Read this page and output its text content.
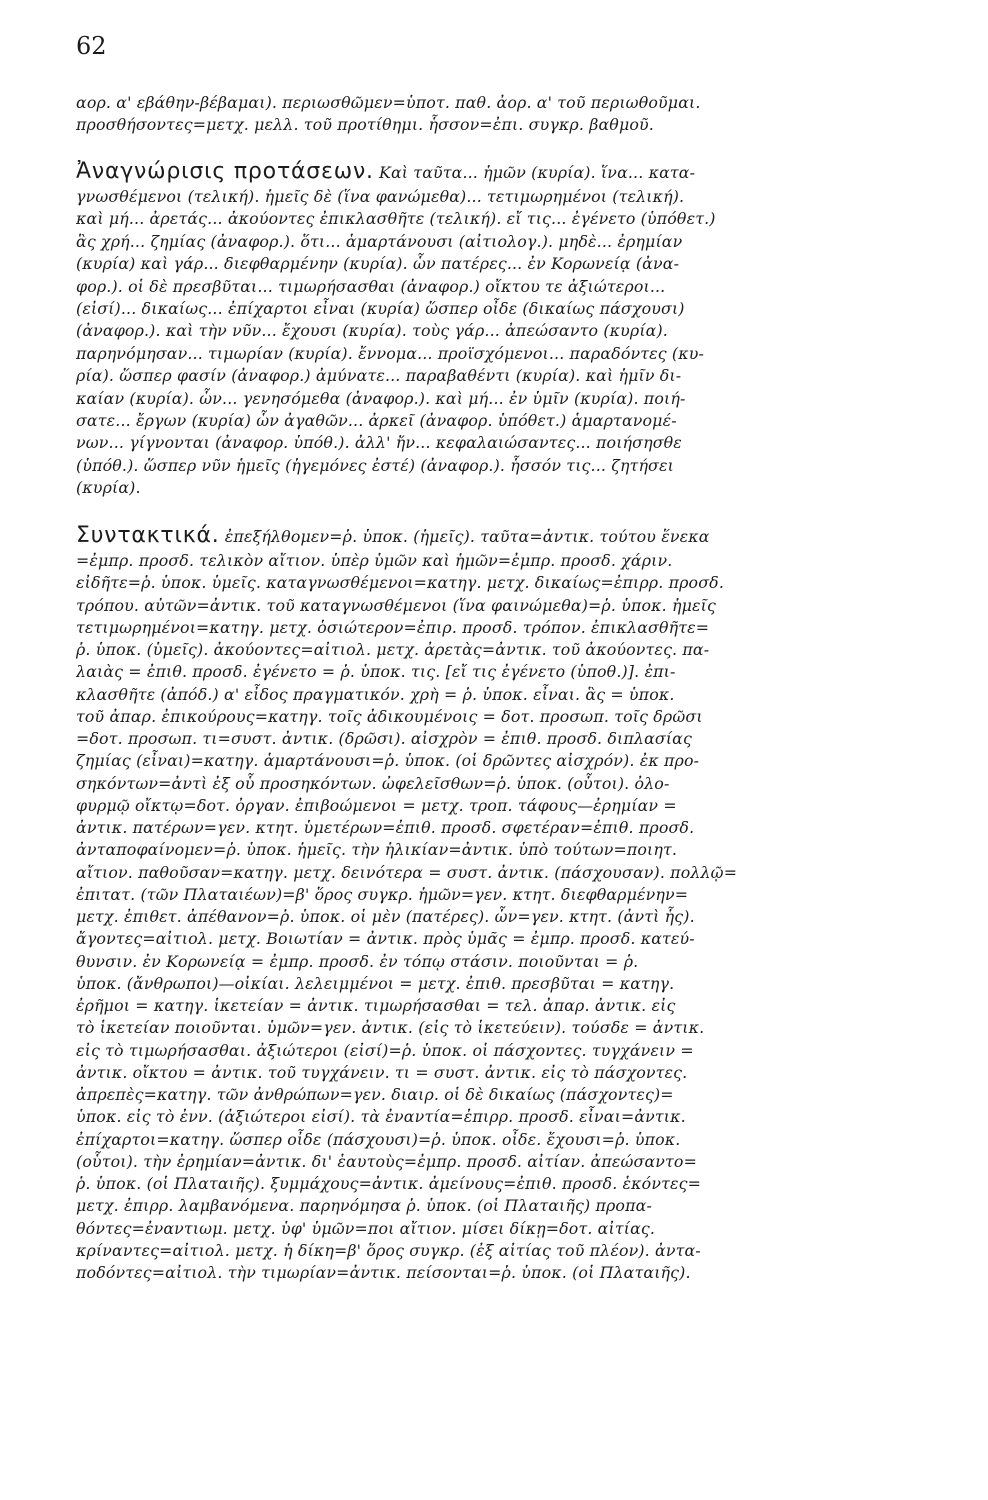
62
αορ. α' εβάθην-βέβαμαι). περιωσθῶμεν=ὑποτ. παθ. ἀορ. α' τοῦ περιωθοῦμαι.
προσθήσοντες=μετχ. μελλ. τοῦ προτίθημι. ἧσσον=ἐπι. συγκρ. βαθμοῦ.
Ἀναγνώρισις προτάσεων. Καὶ ταῦτα... ἡμῶν (κυρία). ἵνα... κατα-
γνωσθέμενοι (τελική). ἡμεῖς δὲ (ἵνα φανώμεθα)... τετιμωρημένοι (τελική).
καὶ μή... ἀρετάς... ἀκούοντες ἐπικλασθῆτε (τελική). εἴ τις... ἐγένετο (ὑπόθετ.)
ἃς χρή... ζημίας (ἀναφορ.). ὅτι... ἁμαρτάνουσι (αἰτιολογ.). μηδὲ... ἐρημίαν
(κυρία) καὶ γάρ... διεφθαρμένην (κυρία). ὧν πατέρες... ἐν Κορωνείᾳ (ἀνα-
φορ.). οἱ δὲ πρεσβῦται... τιμωρήσασθαι (ἀναφορ.) οἴκτου τε ἀξιώτεροι...
(εἰσί)... δικαίως... ἐπίχαρτοι εἶναι (κυρία) ὥσπερ οἶδε (δικαίως πάσχουσι)
(ἀναφορ.). καὶ τὴν νῦν... ἔχουσι (κυρία). τοὺς γάρ... ἀπεώσαντο (κυρία).
παρηνόμησαν... τιμωρίαν (κυρία). ἔννομα... προϊσχόμενοι... παραδόντες (κυ-
ρία). ὥσπερ φασίν (ἀναφορ.) ἀμύνατε... παραβαθέντι (κυρία). καὶ ἡμῖν δι-
καίαν (κυρία). ὧν... γενησόμεθα (ἀναφορ.). καὶ μή... ἐν ὑμῖν (κυρία). ποιή-
σατε... ἔργων (κυρία) ὧν ἀγαθῶν... ἀρκεῖ (ἀναφορ. ὑπόθετ.) ἁμαρτανομέ-
νων... γίγνονται (ἀναφορ. ὑπόθ.). ἀλλ' ἤν... κεφαλαιώσαντες... ποιήσησθε
(ὑπόθ.). ὥσπερ νῦν ἡμεῖς (ἡγεμόνες ἐστέ) (ἀναφορ.). ἧσσόν τις... ζητήσει
(κυρία).
Συντακτικά. ἐπεξήλθομεν=ῥ. ὑποκ. (ἡμεῖς). ταῦτα=ἀντικ. τούτου ἕνεκα
=ἐμπρ. προσδ. τελικὸν αἴτιον. ὑπὲρ ὑμῶν καὶ ἡμῶν=ἐμπρ. προσδ. χάριν.
εἰδῆτε=ῥ. ὑποκ. ὑμεῖς. καταγνωσθέμενοι=κατηγ. μετχ. δικαίως=ἐπιρρ. προσδ.
τρόπου. αὐτῶν=ἀντικ. τοῦ καταγνωσθέμενοι (ἵνα φαινώμεθα)=ῥ. ὑποκ. ἡμεῖς
τετιμωρημένοι=κατηγ. μετχ. ὁσιώτερον=ἐπιρ. προσδ. τρόπον. ἐπικλασθῆτε=
ῥ. ὑποκ. (ὑμεῖς). ἀκούοντες=αἰτιολ. μετχ. ἀρετὰς=ἀντικ. τοῦ ἀκούοντες. πα-
λαιὰς = ἐπιθ. προσδ. ἐγένετο = ῥ. ὑποκ. τις. [εἴ τις ἐγένετο (ὑποθ.)]. ἐπι-
κλασθῆτε (ἀπόδ.) α' εἶδος πραγματικόν. χρὴ = ῥ. ὑποκ. εἶναι. ἃς = ὑποκ.
τοῦ ἀπαρ. ἐπικούρους=κατηγ. τοῖς ἀδικουμένοις = δοτ. προσωπ. τοῖς δρῶσι
=δοτ. προσωπ. τι=συστ. ἀντικ. (δρῶσι). αἰσχρὸν = ἐπιθ. προσδ. διπλασίας
ζημίας (εἶναι)=κατηγ. ἁμαρτάνουσι=ῥ. ὑποκ. (οἱ δρῶντες αἰσχρόν). ἐκ προ-
σηκόντων=ἀντὶ ἐξ οὗ προσηκόντων. ὠφελεῖσθων=ῥ. ὑποκ. (οὗτοι). ὀλο-
φυρμῷ οἴκτῳ=δοτ. ὀργαν. ἐπιβοώμενοι = μετχ. τροπ. τάφους—ἐρημίαν =
ἀντικ. πατέρων=γεν. κτητ. ὑμετέρων=ἐπιθ. προσδ. σφετέραν=ἐπιθ. προσδ.
ἀνταποφαίνομεν=ῥ. ὑποκ. ἡμεῖς. τὴν ἡλικίαν=ἀντικ. ὑπὸ τούτων=ποιητ.
αἴτιον. παθοῦσαν=κατηγ. μετχ. δεινότερα = συστ. ἀντικ. (πάσχουσαν). πολλῷ=
ἐπιτατ. (τῶν Πλαταιέων)=β' ὅρος συγκρ. ἡμῶν=γεν. κτητ. διεφθαρμένην=
μετχ. ἐπιθετ. ἀπέθανον=ῥ. ὑποκ. οἱ μὲν (πατέρες). ὧν=γεν. κτητ. (ἀντὶ ἧς).
ἄγοντες=αἰτιολ. μετχ. Βοιωτίαν = ἀντικ. πρὸς ὑμᾶς = ἐμπρ. προσδ. κατεύ-
θυνσιν. ἐν Κορωνείᾳ = ἐμπρ. προσδ. ἐν τόπῳ στάσιν. ποιοῦνται = ῥ.
ὑποκ. (ἄνθρωποι)—οἰκίαι. λελειμμένοι = μετχ. ἐπιθ. πρεσβῦται = κατηγ.
ἐρῆμοι = κατηγ. ἱκετείαν = ἀντικ. τιμωρήσασθαι = τελ. ἀπαρ. ἀντικ. εἰς
τὸ ἱκετείαν ποιοῦνται. ὑμῶν=γεν. ἀντικ. (εἰς τὸ ἱκετεύειν). τούσδε = ἀντικ.
εἰς τὸ τιμωρήσασθαι. ἀξιώτεροι (εἰσί)=ῥ. ὑποκ. οἱ πάσχοντες. τυγχάνειν =
ἀντικ. οἴκτου = ἀντικ. τοῦ τυγχάνειν. τι = συστ. ἀντικ. εἰς τὸ πάσχοντες.
ἀπρεπὲς=κατηγ. τῶν ἀνθρώπων=γεν. διαιρ. οἱ δὲ δικαίως (πάσχοντες)=
ὑποκ. εἰς τὸ ἐνν. (ἀξιώτεροι εἰσί). τὰ ἐναντία=ἐπιρρ. προσδ. εἶναι=ἀντικ.
ἐπίχαρτοι=κατηγ. ὥσπερ οἶδε (πάσχουσι)=ῥ. ὑποκ. οἶδε. ἔχουσι=ῥ. ὑποκ.
(οὗτοι). τὴν ἐρημίαν=ἀντικ. δι' ἑαυτοὺς=ἐμπρ. προσδ. αἰτίαν. ἀπεώσαντο=
ῥ. ὑποκ. (οἱ Πλαταιῆς). ξυμμάχους=ἀντικ. ἀμείνους=ἐπιθ. προσδ. ἑκόντες=
μετχ. ἐπιρρ. λαμβανόμενα. παρηνόμησα ῥ. ὑποκ. (οἱ Πλαταιῆς) προπα-
θόντες=ἐναντιωμ. μετχ. ὑφ' ὑμῶν=ποι αἴτιον. μίσει δίκῃ=δοτ. αἰτίας.
κρίναντες=αἰτιολ. μετχ. ἡ δίκη=β' ὅρος συγκρ. (ἐξ αἰτίας τοῦ πλέον). ἀντα-
ποδόντες=αἰτιολ. τὴν τιμωρίαν=ἀντικ. πείσονται=ῥ. ὑποκ. (οἱ Πλαταιῆς).
